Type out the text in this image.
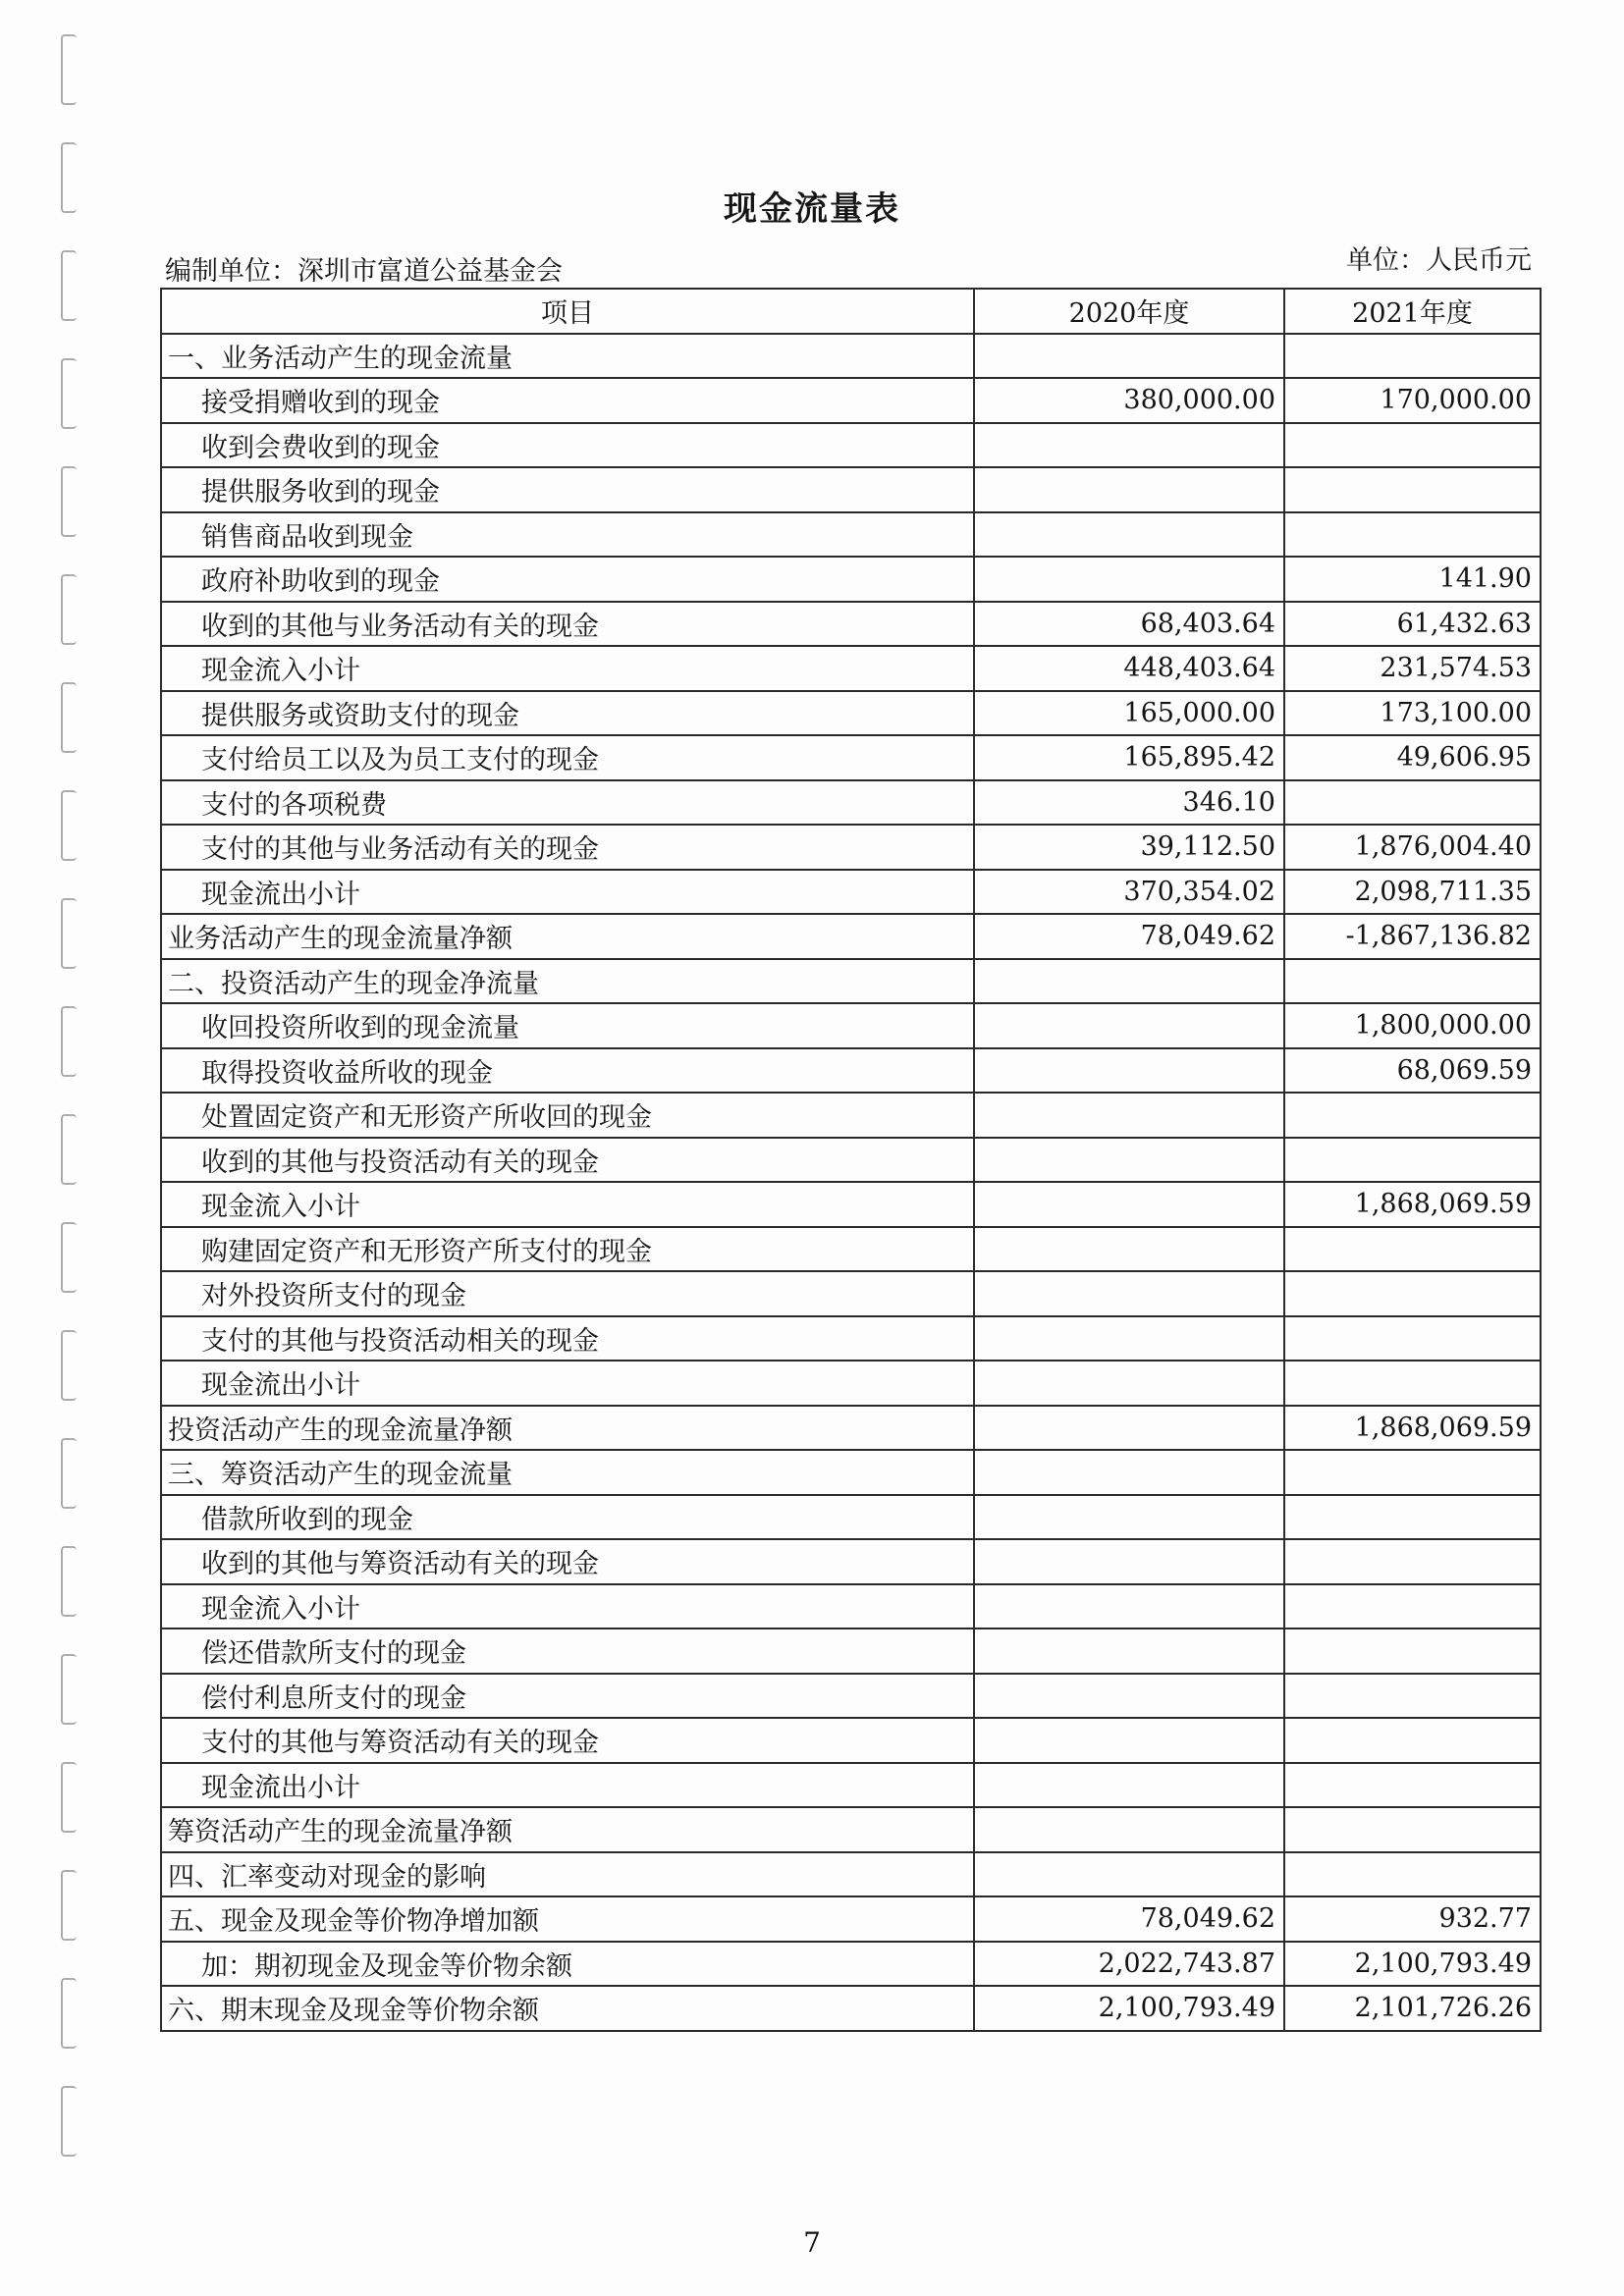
现金流量表
编制单位：深圳市富道公益基金会	单位：人民币元
项目	2020年度	2021年度
一、业务活动产生的现金流量		
接受捐赠收到的现金	380,000.00	170,000.00
收到会费收到的现金		
提供服务收到的现金		
销售商品收到现金		
政府补助收到的现金		141.90
收到的其他与业务活动有关的现金	68,403.64	61,432.63
现金流入小计	448,403.64	231,574.53
提供服务或资助支付的现金	165,000.00	173,100.00
支付给员工以及为员工支付的现金	165,895.42	49,606.95
支付的各项税费	346.10	
支付的其他与业务活动有关的现金	39,112.50	1,876,004.40
现金流出小计	370,354.02	2,098,711.35
业务活动产生的现金流量净额	78,049.62	-1,867,136.82
二、投资活动产生的现金净流量		
收回投资所收到的现金流量		1,800,000.00
取得投资收益所收的现金		68,069.59
处置固定资产和无形资产所收回的现金		
收到的其他与投资活动有关的现金		
现金流入小计		1,868,069.59
购建固定资产和无形资产所支付的现金		
对外投资所支付的现金		
支付的其他与投资活动相关的现金		
现金流出小计		
投资活动产生的现金流量净额		1,868,069.59
三、筹资活动产生的现金流量		
借款所收到的现金		
收到的其他与筹资活动有关的现金		
现金流入小计		
偿还借款所支付的现金		
偿付利息所支付的现金		
支付的其他与筹资活动有关的现金		
现金流出小计		
筹资活动产生的现金流量净额		
四、汇率变动对现金的影响		
五、现金及现金等价物净增加额	78,049.62	932.77
加：期初现金及现金等价物余额	2,022,743.87	2,100,793.49
六、期末现金及现金等价物余额	2,100,793.49	2,101,726.26
7
